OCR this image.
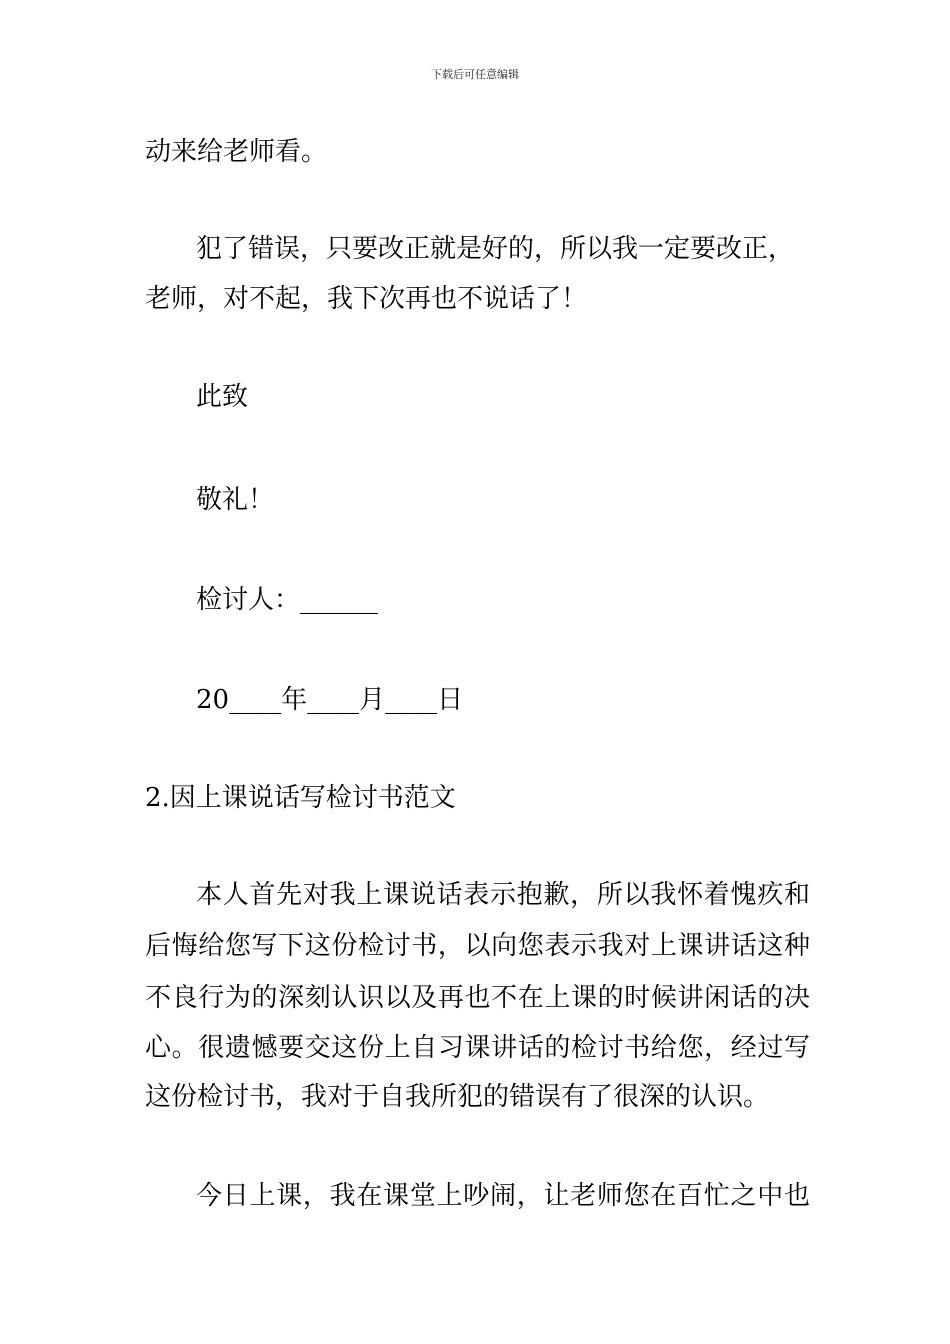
下载后可任意编辑
动来给老师看。
犯了错误，只要改正就是好的，所以我一定要改正，
老师，对不起，我下次再也不说话了！
此致
敬礼！
检讨人：______
20____年____月____日
2.因上课说话写检讨书范文
本人首先对我上课说话表示抱歉，所以我怀着愧疚和
后悔给您写下这份检讨书，以向您表示我对上课讲话这种
不良行为的深刻认识以及再也不在上课的时候讲闲话的决
心。很遗憾要交这份上自习课讲话的检讨书给您，经过写
这份检讨书，我对于自我所犯的错误有了很深的认识。
今日上课，我在课堂上吵闹，让老师您在百忙之中也
